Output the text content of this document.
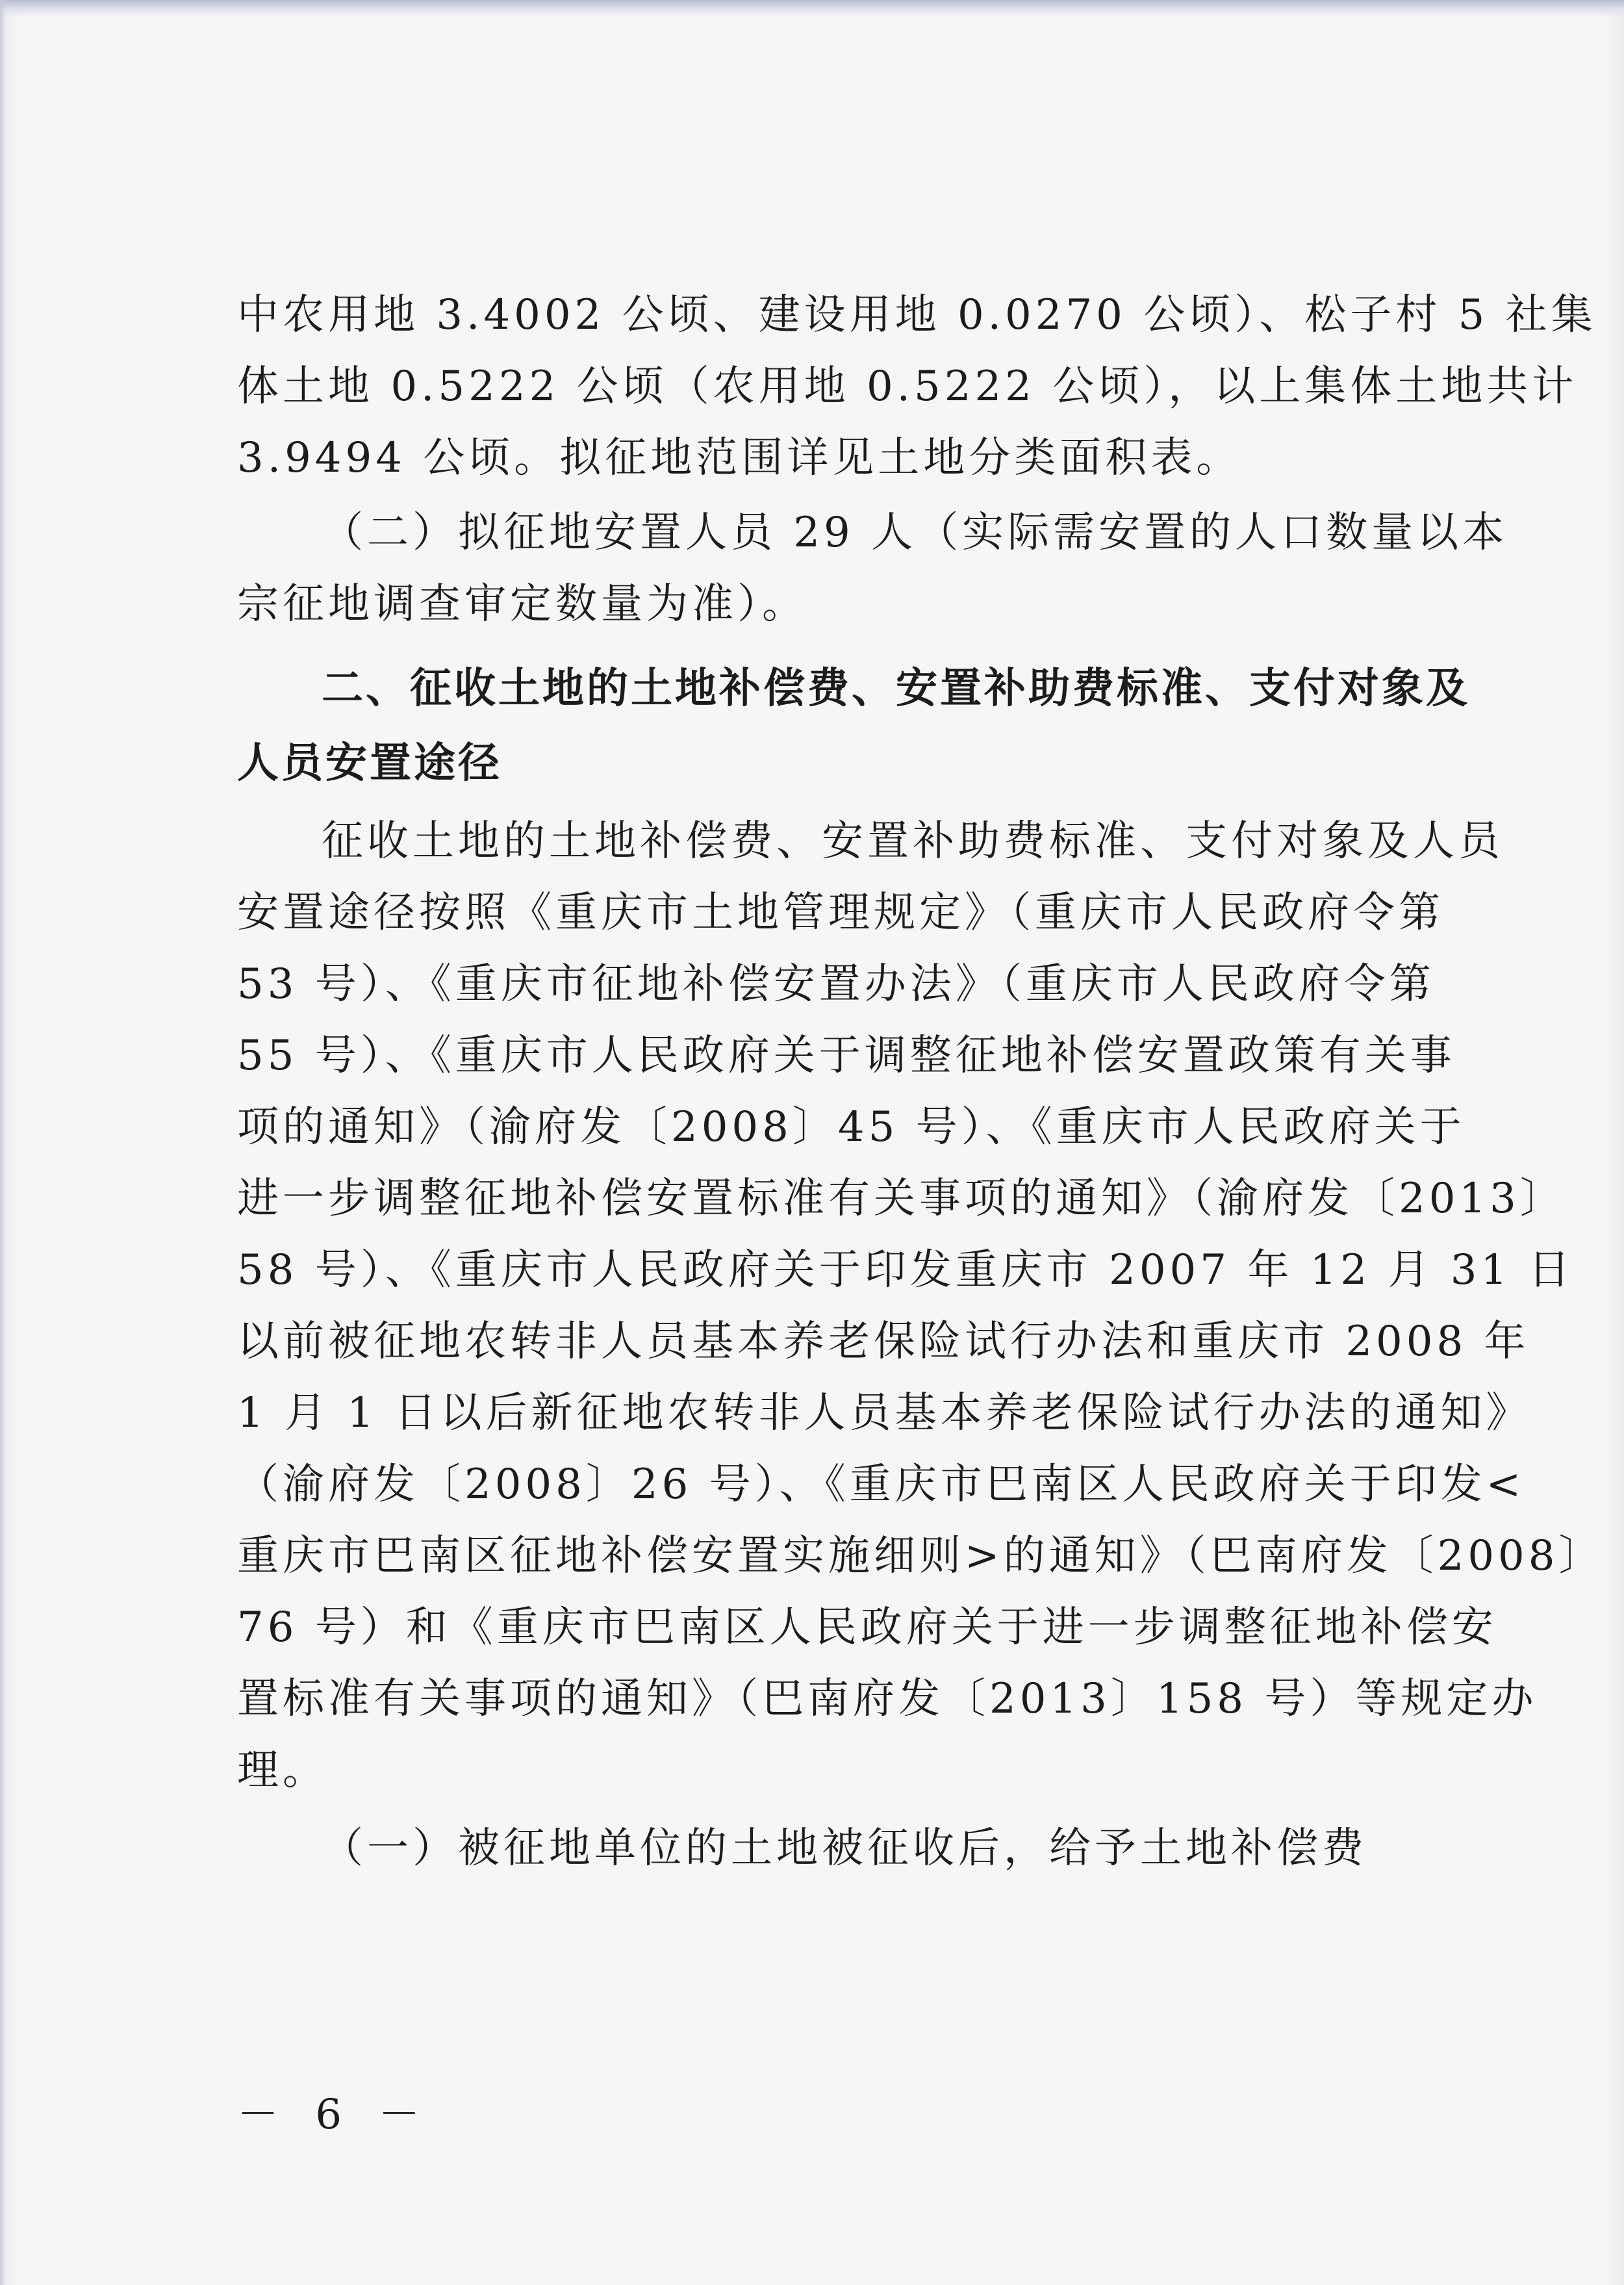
中农用地 3.4002 公顷、建设用地 0.0270 公顷）、松子村 5 社集
体土地 0.5222 公顷（农用地 0.5222 公顷），以上集体土地共计
3.9494 公顷。拟征地范围详见土地分类面积表。
（二）拟征地安置人员 29 人（实际需安置的人口数量以本
宗征地调查审定数量为准）。
二、征收土地的土地补偿费、安置补助费标准、支付对象及
人员安置途径
征收土地的土地补偿费、安置补助费标准、支付对象及人员
安置途径按照《重庆市土地管理规定》（重庆市人民政府令第
53 号）、《重庆市征地补偿安置办法》（重庆市人民政府令第
55 号）、《重庆市人民政府关于调整征地补偿安置政策有关事
项的通知》（渝府发〔2008〕45 号）、《重庆市人民政府关于
进一步调整征地补偿安置标准有关事项的通知》（渝府发〔2013〕
58 号）、《重庆市人民政府关于印发重庆市 2007 年 12 月 31 日
以前被征地农转非人员基本养老保险试行办法和重庆市 2008 年
1 月 1 日以后新征地农转非人员基本养老保险试行办法的通知》
（渝府发〔2008〕26 号）、《重庆市巴南区人民政府关于印发<
重庆市巴南区征地补偿安置实施细则>的通知》（巴南府发〔2008〕
76 号）和《重庆市巴南区人民政府关于进一步调整征地补偿安
置标准有关事项的通知》（巴南府发〔2013〕158 号）等规定办
理。
（一）被征地单位的土地被征收后，给予土地补偿费
－ 6 －
